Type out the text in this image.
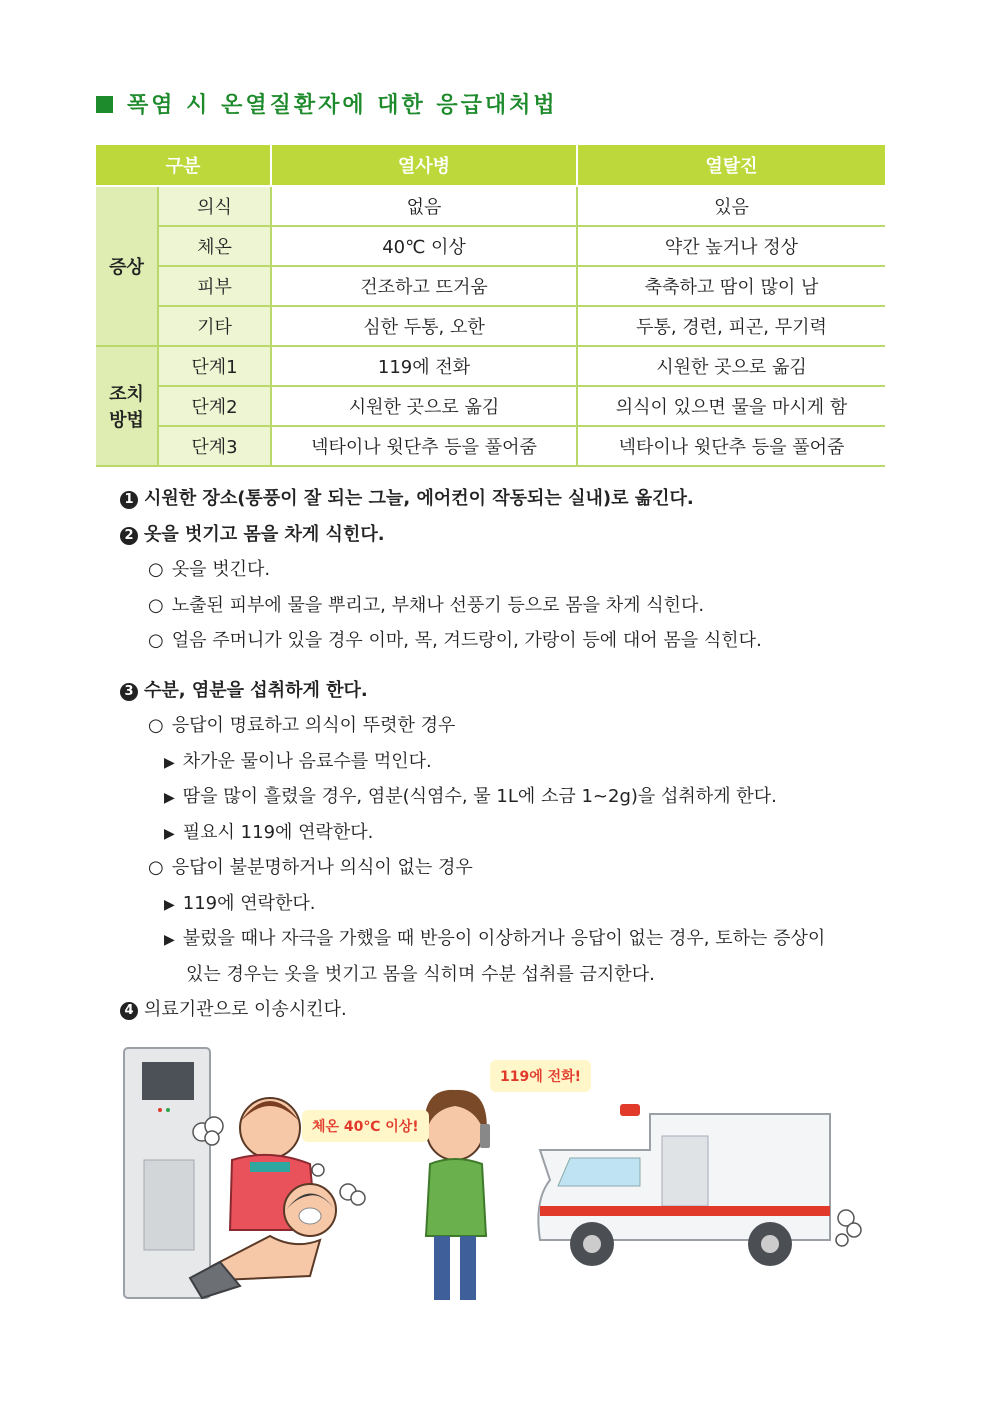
폭염 시 온열질환자에 대한 응급대처법
구분		열사병	열탈진
증상	의식	없음	있음
	체온	40℃ 이상	약간 높거나 정상
	피부	건조하고 뜨거움	축축하고 땀이 많이 남
	기타	심한 두통, 오한	두통, 경련, 피곤, 무기력

조치
방법	단계1	119에 전화	시원한 곳으로 옮김
	단계2	시원한 곳으로 옮김	의식이 있으면 물을 마시게 함
	단계3	넥타이나 윗단추 등을 풀어줌	넥타이나 윗단추 등을 풀어줌
1 시원한 장소(통풍이 잘 되는 그늘, 에어컨이 작동되는 실내)로 옮긴다.
2 옷을 벗기고 몸을 차게 식힌다.
○ 옷을 벗긴다.
○ 노출된 피부에 물을 뿌리고, 부채나 선풍기 등으로 몸을 차게 식힌다.
○ 얼음 주머니가 있을 경우 이마, 목, 겨드랑이, 가랑이 등에 대어 몸을 식힌다.
3 수분, 염분을 섭취하게 한다.
○ 응답이 명료하고 의식이 뚜렷한 경우
▶ 차가운 물이나 음료수를 먹인다.
▶ 땀을 많이 흘렸을 경우, 염분(식염수, 물 1L에 소금 1~2g)을 섭취하게 한다.
▶ 필요시 119에 연락한다.
○ 응답이 불분명하거나 의식이 없는 경우
▶ 119에 연락한다.
▶ 불렀을 때나 자극을 가했을 때 반응이 이상하거나 응답이 없는 경우, 토하는 증상이
있는 경우는 옷을 벗기고 몸을 식히며 수분 섭취를 금지한다.
4 의료기관으로 이송시킨다.
체온 40℃ 이상!
119에 전화!
